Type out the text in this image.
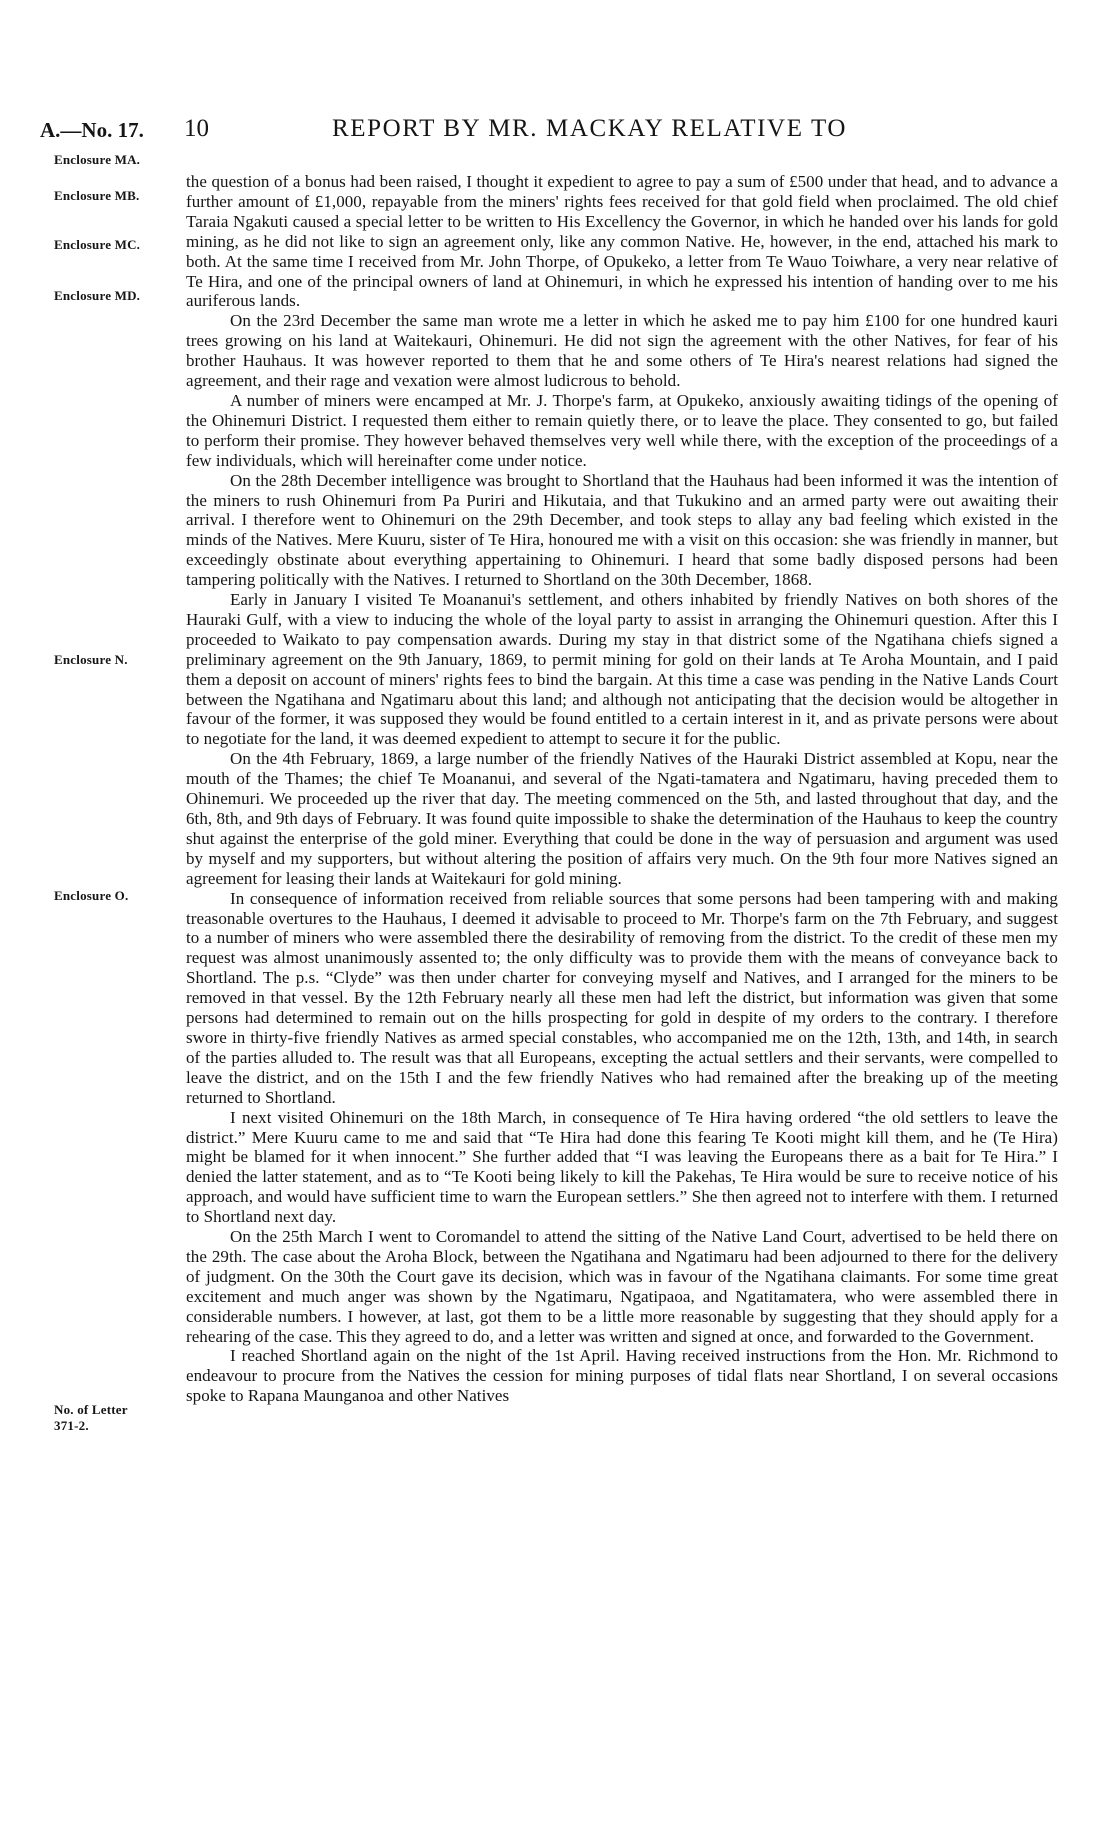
A.—No. 17. 10	REPORT BY MR. MACKAY RELATIVE TO
Enclosure MA.
Enclosure MB.
Enclosure MC.
Enclosure MD.
Enclosure N.
Enclosure O.
No. of Letter
371-2.

the question of a bonus had been raised, I thought it expedient to agree to pay a sum of £500 under that head, and to advance a further amount of £1,000, repayable from the miners' rights fees received for that gold field when proclaimed. The old chief Taraia Ngakuti caused a special letter to be written to His Excellency the Governor, in which he handed over his lands for gold mining, as he did not like to sign an agreement only, like any common Native. He, however, in the end, attached his mark to both. At the same time I received from Mr. John Thorpe, of Opukeko, a letter from Te Wauo Toiwhare, a very near relative of Te Hira, and one of the principal owners of land at Ohinemuri, in which he expressed his intention of handing over to me his auriferous lands.

On the 23rd December the same man wrote me a letter in which he asked me to pay him £100 for one hundred kauri trees growing on his land at Waitekauri, Ohinemuri. He did not sign the agreement with the other Natives, for fear of his brother Hauhaus. It was however reported to them that he and some others of Te Hira's nearest relations had signed the agreement, and their rage and vexation were almost ludicrous to behold.

A number of miners were encamped at Mr. J. Thorpe's farm, at Opukeko, anxiously awaiting tidings of the opening of the Ohinemuri District. I requested them either to remain quietly there, or to leave the place. They consented to go, but failed to perform their promise. They however behaved themselves very well while there, with the exception of the proceedings of a few individuals, which will hereinafter come under notice.

On the 28th December intelligence was brought to Shortland that the Hauhaus had been informed it was the intention of the miners to rush Ohinemuri from Pa Puriri and Hikutaia, and that Tukukino and an armed party were out awaiting their arrival. I therefore went to Ohinemuri on the 29th December, and took steps to allay any bad feeling which existed in the minds of the Natives. Mere Kuuru, sister of Te Hira, honoured me with a visit on this occasion: she was friendly in manner, but exceedingly obstinate about everything appertaining to Ohinemuri. I heard that some badly disposed persons had been tampering politically with the Natives. I returned to Shortland on the 30th December, 1868.

Early in January I visited Te Moananui's settlement, and others inhabited by friendly Natives on both shores of the Hauraki Gulf, with a view to inducing the whole of the loyal party to assist in arranging the Ohinemuri question. After this I proceeded to Waikato to pay compensation awards. During my stay in that district some of the Ngatihana chiefs signed a preliminary agreement on the 9th January, 1869, to permit mining for gold on their lands at Te Aroha Mountain, and I paid them a deposit on account of miners' rights fees to bind the bargain. At this time a case was pending in the Native Lands Court between the Ngatihana and Ngatimaru about this land; and although not anticipating that the decision would be altogether in favour of the former, it was supposed they would be found entitled to a certain interest in it, and as private persons were about to negotiate for the land, it was deemed expedient to attempt to secure it for the public.

On the 4th February, 1869, a large number of the friendly Natives of the Hauraki District assembled at Kopu, near the mouth of the Thames; the chief Te Moananui, and several of the Ngati-tamatera and Ngatimaru, having preceded them to Ohinemuri. We proceeded up the river that day. The meeting commenced on the 5th, and lasted throughout that day, and the 6th, 8th, and 9th days of February. It was found quite impossible to shake the determination of the Hauhaus to keep the country shut against the enterprise of the gold miner. Everything that could be done in the way of persuasion and argument was used by myself and my supporters, but without altering the position of affairs very much. On the 9th four more Natives signed an agreement for leasing their lands at Waitekauri for gold mining.

In consequence of information received from reliable sources that some persons had been tampering with and making treasonable overtures to the Hauhaus, I deemed it advisable to proceed to Mr. Thorpe's farm on the 7th February, and suggest to a number of miners who were assembled there the desirability of removing from the district. To the credit of these men my request was almost unanimously assented to; the only difficulty was to provide them with the means of conveyance back to Shortland. The p.s. “Clyde” was then under charter for conveying myself and Natives, and I arranged for the miners to be removed in that vessel. By the 12th February nearly all these men had left the district, but information was given that some persons had determined to remain out on the hills prospecting for gold in despite of my orders to the contrary. I therefore swore in thirty-five friendly Natives as armed special constables, who accompanied me on the 12th, 13th, and 14th, in search of the parties alluded to. The result was that all Europeans, excepting the actual settlers and their servants, were compelled to leave the district, and on the 15th I and the few friendly Natives who had remained after the breaking up of the meeting returned to Shortland.

I next visited Ohinemuri on the 18th March, in consequence of Te Hira having ordered “the old settlers to leave the district.” Mere Kuuru came to me and said that “Te Hira had done this fearing Te Kooti might kill them, and he (Te Hira) might be blamed for it when innocent.” She further added that “I was leaving the Europeans there as a bait for Te Hira.” I denied the latter statement, and as to “Te Kooti being likely to kill the Pakehas, Te Hira would be sure to receive notice of his approach, and would have sufficient time to warn the European settlers.” She then agreed not to interfere with them. I returned to Shortland next day.

On the 25th March I went to Coromandel to attend the sitting of the Native Land Court, advertised to be held there on the 29th. The case about the Aroha Block, between the Ngatihana and Ngatimaru had been adjourned to there for the delivery of judgment. On the 30th the Court gave its decision, which was in favour of the Ngatihana claimants. For some time great excitement and much anger was shown by the Ngatimaru, Ngatipaoa, and Ngatitamatera, who were assembled there in considerable numbers. I however, at last, got them to be a little more reasonable by suggesting that they should apply for a rehearing of the case. This they agreed to do, and a letter was written and signed at once, and forwarded to the Government.

I reached Shortland again on the night of the 1st April. Having received instructions from the Hon. Mr. Richmond to endeavour to procure from the Natives the cession for mining purposes of tidal flats near Shortland, I on several occasions spoke to Rapana Maunganoa and other Natives
